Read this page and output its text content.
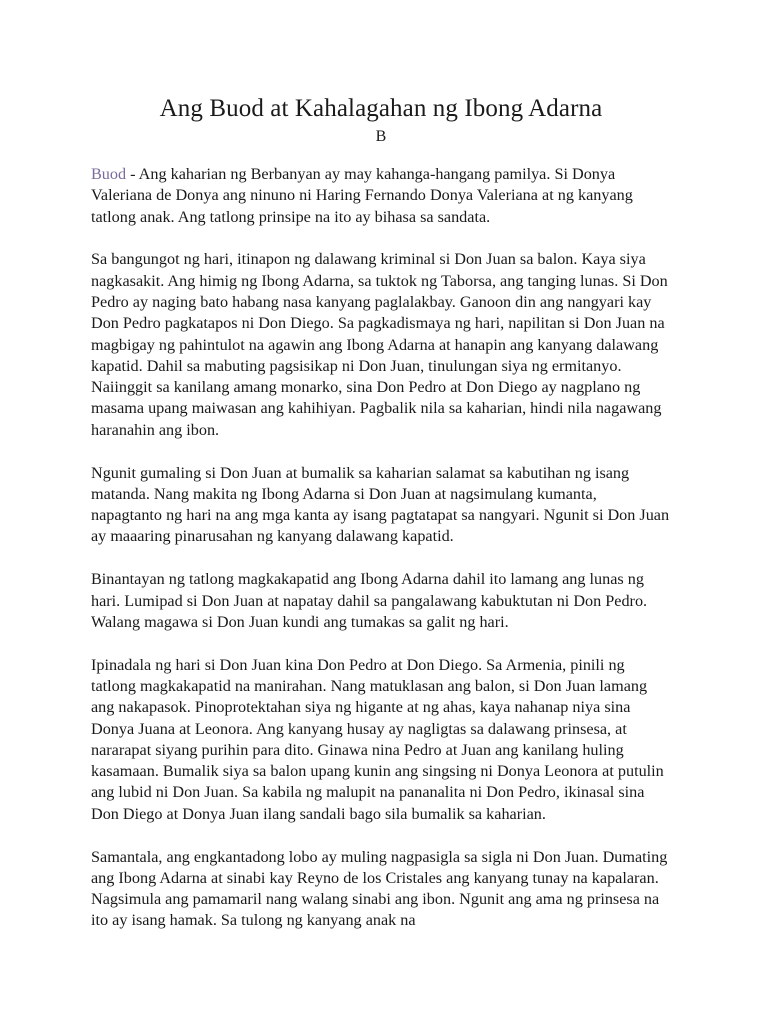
Ang Buod at Kahalagahan ng Ibong Adarna
B

Buod - Ang kaharian ng Berbanyan ay may kahanga-hangang pamilya. Si Donya Valeriana de Donya ang ninuno ni Haring Fernando Donya Valeriana at ng kanyang tatlong anak. Ang tatlong prinsipe na ito ay bihasa sa sandata.

Sa bangungot ng hari, itinapon ng dalawang kriminal si Don Juan sa balon. Kaya siya nagkasakit. Ang himig ng Ibong Adarna, sa tuktok ng Taborsa, ang tanging lunas. Si Don Pedro ay naging bato habang nasa kanyang paglalakbay. Ganoon din ang nangyari kay Don Pedro pagkatapos ni Don Diego. Sa pagkadismaya ng hari, napilitan si Don Juan na magbigay ng pahintulot na agawin ang Ibong Adarna at hanapin ang kanyang dalawang kapatid. Dahil sa mabuting pagsisikap ni Don Juan, tinulungan siya ng ermitanyo. Naiinggit sa kanilang amang monarko, sina Don Pedro at Don Diego ay nagplano ng masama upang maiwasan ang kahihiyan. Pagbalik nila sa kaharian, hindi nila nagawang haranahin ang ibon.

Ngunit gumaling si Don Juan at bumalik sa kaharian salamat sa kabutihan ng isang matanda. Nang makita ng Ibong Adarna si Don Juan at nagsimulang kumanta, napagtanto ng hari na ang mga kanta ay isang pagtatapat sa nangyari. Ngunit si Don Juan ay maaaring pinarusahan ng kanyang dalawang kapatid.

Binantayan ng tatlong magkakapatid ang Ibong Adarna dahil ito lamang ang lunas ng hari. Lumipad si Don Juan at napatay dahil sa pangalawang kabuktutan ni Don Pedro. Walang magawa si Don Juan kundi ang tumakas sa galit ng hari.

Ipinadala ng hari si Don Juan kina Don Pedro at Don Diego. Sa Armenia, pinili ng tatlong magkakapatid na manirahan. Nang matuklasan ang balon, si Don Juan lamang ang nakapasok. Pinoprotektahan siya ng higante at ng ahas, kaya nahanap niya sina Donya Juana at Leonora. Ang kanyang husay ay nagligtas sa dalawang prinsesa, at nararapat siyang purihin para dito. Ginawa nina Pedro at Juan ang kanilang huling kasamaan. Bumalik siya sa balon upang kunin ang singsing ni Donya Leonora at putulin ang lubid ni Don Juan. Sa kabila ng malupit na pananalita ni Don Pedro, ikinasal sina Don Diego at Donya Juan ilang sandali bago sila bumalik sa kaharian.

Samantala, ang engkantadong lobo ay muling nagpasigla sa sigla ni Don Juan. Dumating ang Ibong Adarna at sinabi kay Reyno de los Cristales ang kanyang tunay na kapalaran. Nagsimula ang pamamaril nang walang sinabi ang ibon. Ngunit ang ama ng prinsesa na ito ay isang hamak. Sa tulong ng kanyang anak na
